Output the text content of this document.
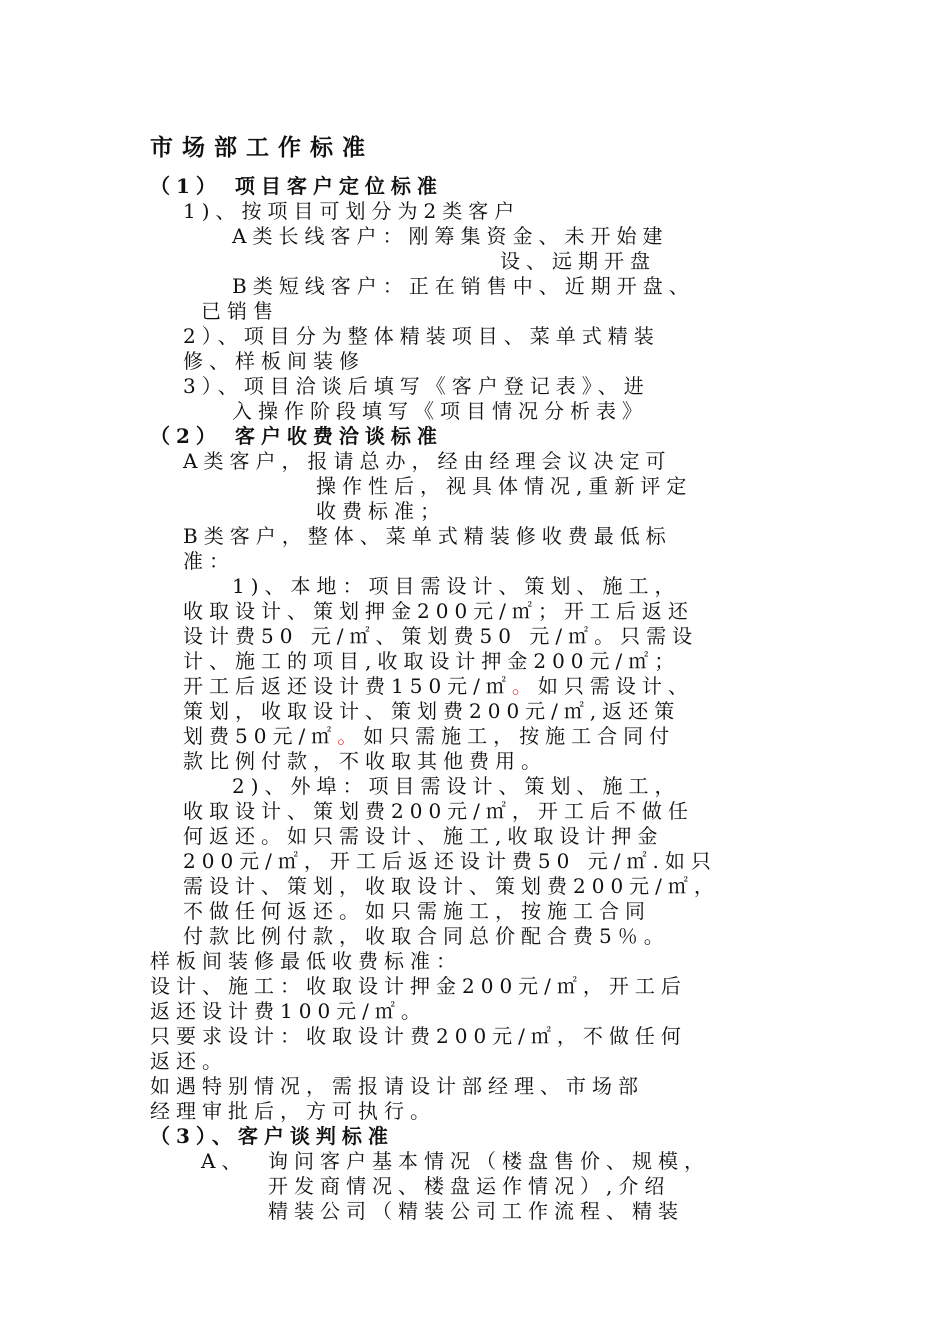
市场部工作标准
（1） 项目客户定位标准
1)、按项目可划分为2类客户
A类长线客户：刚筹集资金、未开始建
设、远期开盘
B类短线客户：正在销售中、近期开盘、
已销售
2）、项目分为整体精装项目、菜单式精装
修、样板间装修
3）、项目洽谈后填写《客户登记表》、进
入操作阶段填写《项目情况分析表》
（2） 客户收费洽谈标准
A类客户，报请总办，经由经理会议决定可
操作性后，视具体情况,重新评定
收费标准；
B类客户，整体、菜单式精装修收费最低标
准：
1)、本地：项目需设计、策划、施工，
收取设计、策划押金200元/㎡；开工后返还
设计费50 元/㎡、策划费50 元/㎡。只需设
计、施工的项目,收取设计押金200元/㎡；
开工后返还设计费150元/㎡。如只需设计、
策划，收取设计、策划费200元/㎡,返还策
划费50元/㎡。如只需施工，按施工合同付
款比例付款，不收取其他费用。
2)、外埠：项目需设计、策划、施工，
收取设计、策划费200元/㎡，开工后不做任
何返还。如只需设计、施工,收取设计押金
200元/㎡，开工后返还设计费50 元/㎡.如只
需设计、策划，收取设计、策划费200元/㎡，
不做任何返还。如只需施工，按施工合同
付款比例付款，收取合同总价配合费5％。
样板间装修最低收费标准：
设计、施工：收取设计押金200元/㎡，开工后
返还设计费100元/㎡。
只要求设计：收取设计费200元/㎡，不做任何
返还。
如遇特别情况，需报请设计部经理、市场部
经理审批后，方可执行。
（3）、客户谈判标准
A、 询问客户基本情况（楼盘售价、规模，
开发商情况、楼盘运作情况）,介绍
精装公司（精装公司工作流程、精装
